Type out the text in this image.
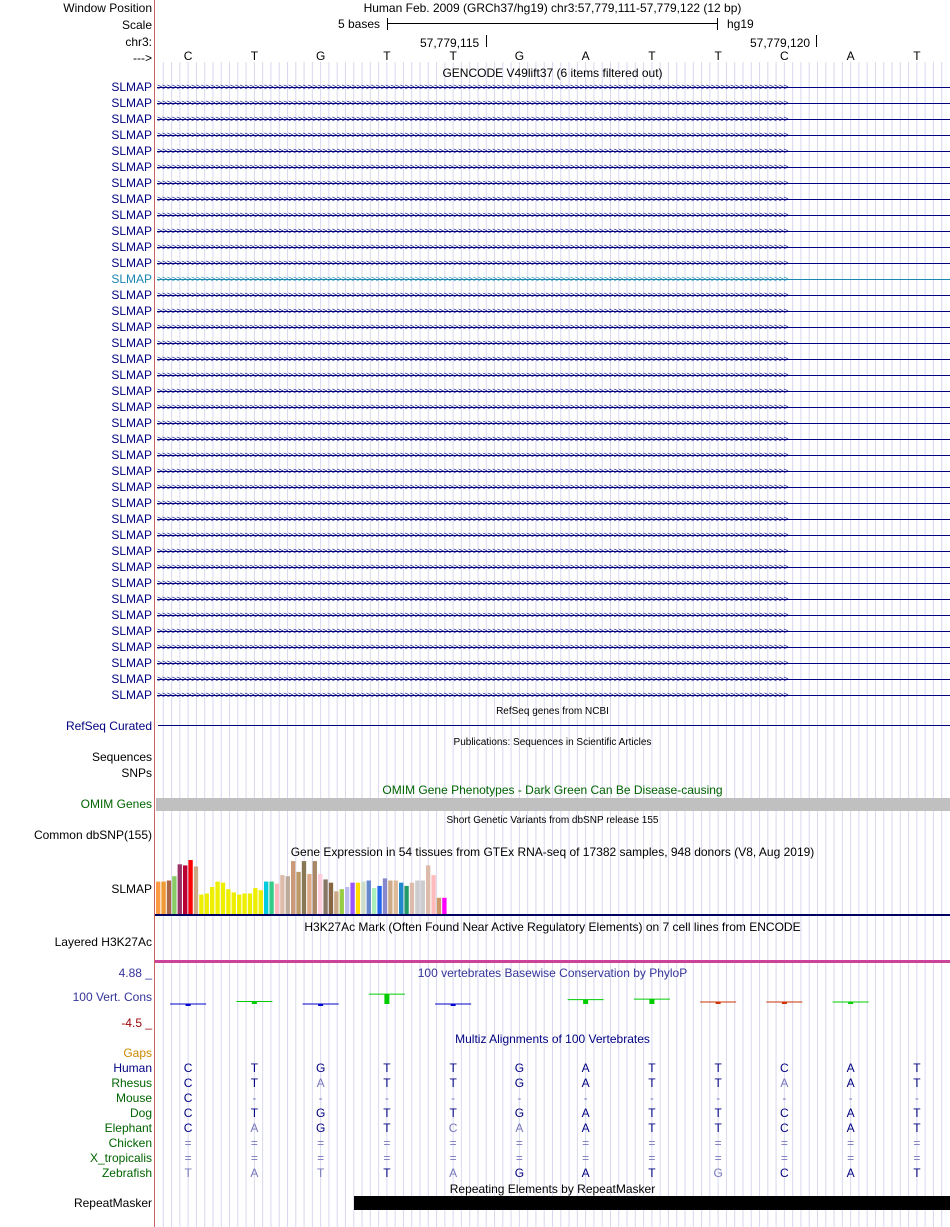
Window Position	Human Feb. 2009 (GRCh37/hg19) chr3:57,779,111-57,779,122 (12 bp)
Scale	5 bases	hg19
chr3:	57,779,115	57,779,120
--->	C	T	G	T	T	G	A	T	T	C	A	T
GENCODE V49lift37 (6 items filtered out)
SLMAP >>>>>>>>>>>>>>>>>>>>>>>>>>>>>>>>>>>>>>>>>>>>>>>>>>>>>>>>>>>>>>>>>>>>>>>>>>>>>>>>>>>>>>>>>>>>>>>>>>>>>>>>>>>>>>>>>>>>>>>>>>>>>>>>>>
SLMAP >>>>>>>>>>>>>>>>>>>>>>>>>>>>>>>>>>>>>>>>>>>>>>>>>>>>>>>>>>>>>>>>>>>>>>>>>>>>>>>>>>>>>>>>>>>>>>>>>>>>>>>>>>>>>>>>>>>>>>>>>>>>>>>>>>
SLMAP >>>>>>>>>>>>>>>>>>>>>>>>>>>>>>>>>>>>>>>>>>>>>>>>>>>>>>>>>>>>>>>>>>>>>>>>>>>>>>>>>>>>>>>>>>>>>>>>>>>>>>>>>>>>>>>>>>>>>>>>>>>>>>>>>>
SLMAP >>>>>>>>>>>>>>>>>>>>>>>>>>>>>>>>>>>>>>>>>>>>>>>>>>>>>>>>>>>>>>>>>>>>>>>>>>>>>>>>>>>>>>>>>>>>>>>>>>>>>>>>>>>>>>>>>>>>>>>>>>>>>>>>>>
SLMAP >>>>>>>>>>>>>>>>>>>>>>>>>>>>>>>>>>>>>>>>>>>>>>>>>>>>>>>>>>>>>>>>>>>>>>>>>>>>>>>>>>>>>>>>>>>>>>>>>>>>>>>>>>>>>>>>>>>>>>>>>>>>>>>>>>
SLMAP >>>>>>>>>>>>>>>>>>>>>>>>>>>>>>>>>>>>>>>>>>>>>>>>>>>>>>>>>>>>>>>>>>>>>>>>>>>>>>>>>>>>>>>>>>>>>>>>>>>>>>>>>>>>>>>>>>>>>>>>>>>>>>>>>>
SLMAP >>>>>>>>>>>>>>>>>>>>>>>>>>>>>>>>>>>>>>>>>>>>>>>>>>>>>>>>>>>>>>>>>>>>>>>>>>>>>>>>>>>>>>>>>>>>>>>>>>>>>>>>>>>>>>>>>>>>>>>>>>>>>>>>>>
SLMAP >>>>>>>>>>>>>>>>>>>>>>>>>>>>>>>>>>>>>>>>>>>>>>>>>>>>>>>>>>>>>>>>>>>>>>>>>>>>>>>>>>>>>>>>>>>>>>>>>>>>>>>>>>>>>>>>>>>>>>>>>>>>>>>>>>
SLMAP >>>>>>>>>>>>>>>>>>>>>>>>>>>>>>>>>>>>>>>>>>>>>>>>>>>>>>>>>>>>>>>>>>>>>>>>>>>>>>>>>>>>>>>>>>>>>>>>>>>>>>>>>>>>>>>>>>>>>>>>>>>>>>>>>>
SLMAP >>>>>>>>>>>>>>>>>>>>>>>>>>>>>>>>>>>>>>>>>>>>>>>>>>>>>>>>>>>>>>>>>>>>>>>>>>>>>>>>>>>>>>>>>>>>>>>>>>>>>>>>>>>>>>>>>>>>>>>>>>>>>>>>>>
SLMAP >>>>>>>>>>>>>>>>>>>>>>>>>>>>>>>>>>>>>>>>>>>>>>>>>>>>>>>>>>>>>>>>>>>>>>>>>>>>>>>>>>>>>>>>>>>>>>>>>>>>>>>>>>>>>>>>>>>>>>>>>>>>>>>>>>
SLMAP >>>>>>>>>>>>>>>>>>>>>>>>>>>>>>>>>>>>>>>>>>>>>>>>>>>>>>>>>>>>>>>>>>>>>>>>>>>>>>>>>>>>>>>>>>>>>>>>>>>>>>>>>>>>>>>>>>>>>>>>>>>>>>>>>>
SLMAP >>>>>>>>>>>>>>>>>>>>>>>>>>>>>>>>>>>>>>>>>>>>>>>>>>>>>>>>>>>>>>>>>>>>>>>>>>>>>>>>>>>>>>>>>>>>>>>>>>>>>>>>>>>>>>>>>>>>>>>>>>>>>>>>>>
SLMAP >>>>>>>>>>>>>>>>>>>>>>>>>>>>>>>>>>>>>>>>>>>>>>>>>>>>>>>>>>>>>>>>>>>>>>>>>>>>>>>>>>>>>>>>>>>>>>>>>>>>>>>>>>>>>>>>>>>>>>>>>>>>>>>>>>
SLMAP >>>>>>>>>>>>>>>>>>>>>>>>>>>>>>>>>>>>>>>>>>>>>>>>>>>>>>>>>>>>>>>>>>>>>>>>>>>>>>>>>>>>>>>>>>>>>>>>>>>>>>>>>>>>>>>>>>>>>>>>>>>>>>>>>>
SLMAP >>>>>>>>>>>>>>>>>>>>>>>>>>>>>>>>>>>>>>>>>>>>>>>>>>>>>>>>>>>>>>>>>>>>>>>>>>>>>>>>>>>>>>>>>>>>>>>>>>>>>>>>>>>>>>>>>>>>>>>>>>>>>>>>>>
SLMAP >>>>>>>>>>>>>>>>>>>>>>>>>>>>>>>>>>>>>>>>>>>>>>>>>>>>>>>>>>>>>>>>>>>>>>>>>>>>>>>>>>>>>>>>>>>>>>>>>>>>>>>>>>>>>>>>>>>>>>>>>>>>>>>>>>
SLMAP >>>>>>>>>>>>>>>>>>>>>>>>>>>>>>>>>>>>>>>>>>>>>>>>>>>>>>>>>>>>>>>>>>>>>>>>>>>>>>>>>>>>>>>>>>>>>>>>>>>>>>>>>>>>>>>>>>>>>>>>>>>>>>>>>>
SLMAP >>>>>>>>>>>>>>>>>>>>>>>>>>>>>>>>>>>>>>>>>>>>>>>>>>>>>>>>>>>>>>>>>>>>>>>>>>>>>>>>>>>>>>>>>>>>>>>>>>>>>>>>>>>>>>>>>>>>>>>>>>>>>>>>>>
SLMAP >>>>>>>>>>>>>>>>>>>>>>>>>>>>>>>>>>>>>>>>>>>>>>>>>>>>>>>>>>>>>>>>>>>>>>>>>>>>>>>>>>>>>>>>>>>>>>>>>>>>>>>>>>>>>>>>>>>>>>>>>>>>>>>>>>
SLMAP >>>>>>>>>>>>>>>>>>>>>>>>>>>>>>>>>>>>>>>>>>>>>>>>>>>>>>>>>>>>>>>>>>>>>>>>>>>>>>>>>>>>>>>>>>>>>>>>>>>>>>>>>>>>>>>>>>>>>>>>>>>>>>>>>>
SLMAP >>>>>>>>>>>>>>>>>>>>>>>>>>>>>>>>>>>>>>>>>>>>>>>>>>>>>>>>>>>>>>>>>>>>>>>>>>>>>>>>>>>>>>>>>>>>>>>>>>>>>>>>>>>>>>>>>>>>>>>>>>>>>>>>>>
SLMAP >>>>>>>>>>>>>>>>>>>>>>>>>>>>>>>>>>>>>>>>>>>>>>>>>>>>>>>>>>>>>>>>>>>>>>>>>>>>>>>>>>>>>>>>>>>>>>>>>>>>>>>>>>>>>>>>>>>>>>>>>>>>>>>>>>
SLMAP >>>>>>>>>>>>>>>>>>>>>>>>>>>>>>>>>>>>>>>>>>>>>>>>>>>>>>>>>>>>>>>>>>>>>>>>>>>>>>>>>>>>>>>>>>>>>>>>>>>>>>>>>>>>>>>>>>>>>>>>>>>>>>>>>>
SLMAP >>>>>>>>>>>>>>>>>>>>>>>>>>>>>>>>>>>>>>>>>>>>>>>>>>>>>>>>>>>>>>>>>>>>>>>>>>>>>>>>>>>>>>>>>>>>>>>>>>>>>>>>>>>>>>>>>>>>>>>>>>>>>>>>>>
SLMAP >>>>>>>>>>>>>>>>>>>>>>>>>>>>>>>>>>>>>>>>>>>>>>>>>>>>>>>>>>>>>>>>>>>>>>>>>>>>>>>>>>>>>>>>>>>>>>>>>>>>>>>>>>>>>>>>>>>>>>>>>>>>>>>>>>
SLMAP >>>>>>>>>>>>>>>>>>>>>>>>>>>>>>>>>>>>>>>>>>>>>>>>>>>>>>>>>>>>>>>>>>>>>>>>>>>>>>>>>>>>>>>>>>>>>>>>>>>>>>>>>>>>>>>>>>>>>>>>>>>>>>>>>>
SLMAP >>>>>>>>>>>>>>>>>>>>>>>>>>>>>>>>>>>>>>>>>>>>>>>>>>>>>>>>>>>>>>>>>>>>>>>>>>>>>>>>>>>>>>>>>>>>>>>>>>>>>>>>>>>>>>>>>>>>>>>>>>>>>>>>>>
SLMAP >>>>>>>>>>>>>>>>>>>>>>>>>>>>>>>>>>>>>>>>>>>>>>>>>>>>>>>>>>>>>>>>>>>>>>>>>>>>>>>>>>>>>>>>>>>>>>>>>>>>>>>>>>>>>>>>>>>>>>>>>>>>>>>>>>
SLMAP >>>>>>>>>>>>>>>>>>>>>>>>>>>>>>>>>>>>>>>>>>>>>>>>>>>>>>>>>>>>>>>>>>>>>>>>>>>>>>>>>>>>>>>>>>>>>>>>>>>>>>>>>>>>>>>>>>>>>>>>>>>>>>>>>>
SLMAP >>>>>>>>>>>>>>>>>>>>>>>>>>>>>>>>>>>>>>>>>>>>>>>>>>>>>>>>>>>>>>>>>>>>>>>>>>>>>>>>>>>>>>>>>>>>>>>>>>>>>>>>>>>>>>>>>>>>>>>>>>>>>>>>>>
SLMAP >>>>>>>>>>>>>>>>>>>>>>>>>>>>>>>>>>>>>>>>>>>>>>>>>>>>>>>>>>>>>>>>>>>>>>>>>>>>>>>>>>>>>>>>>>>>>>>>>>>>>>>>>>>>>>>>>>>>>>>>>>>>>>>>>>
SLMAP >>>>>>>>>>>>>>>>>>>>>>>>>>>>>>>>>>>>>>>>>>>>>>>>>>>>>>>>>>>>>>>>>>>>>>>>>>>>>>>>>>>>>>>>>>>>>>>>>>>>>>>>>>>>>>>>>>>>>>>>>>>>>>>>>>
SLMAP >>>>>>>>>>>>>>>>>>>>>>>>>>>>>>>>>>>>>>>>>>>>>>>>>>>>>>>>>>>>>>>>>>>>>>>>>>>>>>>>>>>>>>>>>>>>>>>>>>>>>>>>>>>>>>>>>>>>>>>>>>>>>>>>>>
SLMAP >>>>>>>>>>>>>>>>>>>>>>>>>>>>>>>>>>>>>>>>>>>>>>>>>>>>>>>>>>>>>>>>>>>>>>>>>>>>>>>>>>>>>>>>>>>>>>>>>>>>>>>>>>>>>>>>>>>>>>>>>>>>>>>>>>
SLMAP >>>>>>>>>>>>>>>>>>>>>>>>>>>>>>>>>>>>>>>>>>>>>>>>>>>>>>>>>>>>>>>>>>>>>>>>>>>>>>>>>>>>>>>>>>>>>>>>>>>>>>>>>>>>>>>>>>>>>>>>>>>>>>>>>>
SLMAP >>>>>>>>>>>>>>>>>>>>>>>>>>>>>>>>>>>>>>>>>>>>>>>>>>>>>>>>>>>>>>>>>>>>>>>>>>>>>>>>>>>>>>>>>>>>>>>>>>>>>>>>>>>>>>>>>>>>>>>>>>>>>>>>>>
SLMAP >>>>>>>>>>>>>>>>>>>>>>>>>>>>>>>>>>>>>>>>>>>>>>>>>>>>>>>>>>>>>>>>>>>>>>>>>>>>>>>>>>>>>>>>>>>>>>>>>>>>>>>>>>>>>>>>>>>>>>>>>>>>>>>>>>
SLMAP >>>>>>>>>>>>>>>>>>>>>>>>>>>>>>>>>>>>>>>>>>>>>>>>>>>>>>>>>>>>>>>>>>>>>>>>>>>>>>>>>>>>>>>>>>>>>>>>>>>>>>>>>>>>>>>>>>>>>>>>>>>>>>>>>>
RefSeq genes from NCBI
RefSeq Curated
Publications: Sequences in Scientific Articles
Sequences
SNPs
OMIM Gene Phenotypes - Dark Green Can Be Disease-causing
OMIM Genes
Short Genetic Variants from dbSNP release 155
Common dbSNP(155)
Gene Expression in 54 tissues from GTEx RNA-seq of 17382 samples, 948 donors (V8, Aug 2019)
SLMAP
H3K27Ac Mark (Often Found Near Active Regulatory Elements) on 7 cell lines from ENCODE
Layered H3K27Ac
100 vertebrates Basewise Conservation by PhyloP
4.88 _
100 Vert. Cons
-4.5 _
Multiz Alignments of 100 Vertebrates
Gaps
Human	C	T	G	T	T	G	A	T	T	C	A	T
Rhesus	C	T	A	T	T	G	A	T	T	A	A	T
Mouse	C	-	-	-	-	-	-	-	-	-	-	-
Dog	C	T	G	T	T	G	A	T	T	C	A	T
Elephant	C	A	G	T	C	A	A	T	T	C	A	T
Chicken	=	=	=	=	=	=	=	=	=	=	=	=
X_tropicalis	=	=	=	=	=	=	=	=	=	=	=	=
Zebrafish	T	A	T	T	A	G	A	T	G	C	A	T
Repeating Elements by RepeatMasker
RepeatMasker
